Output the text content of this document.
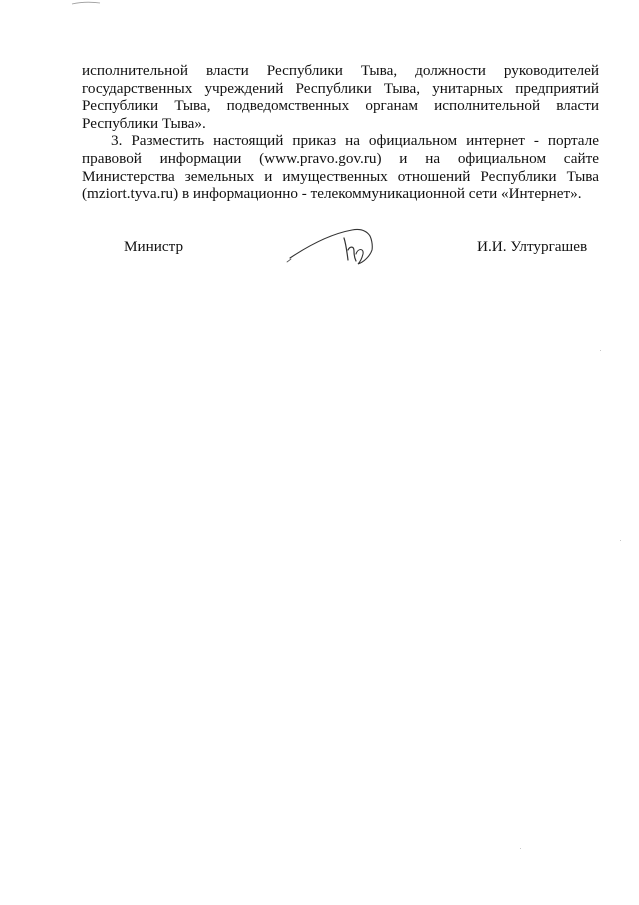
исполнительной власти Республики Тыва, должности руководителей государственных учреждений Республики Тыва, унитарных предприятий Республики Тыва, подведомственных органам исполнительной власти Республики Тыва».

3. Разместить настоящий приказ на официальном интернет - портале правовой информации (www.pravo.gov.ru) и на официальном сайте Министерства земельных и имущественных отношений Республики Тыва (mziort.tyva.ru) в информационно - телекоммуникационной сети «Интернет».

Министр	И.И. Ултургашев
